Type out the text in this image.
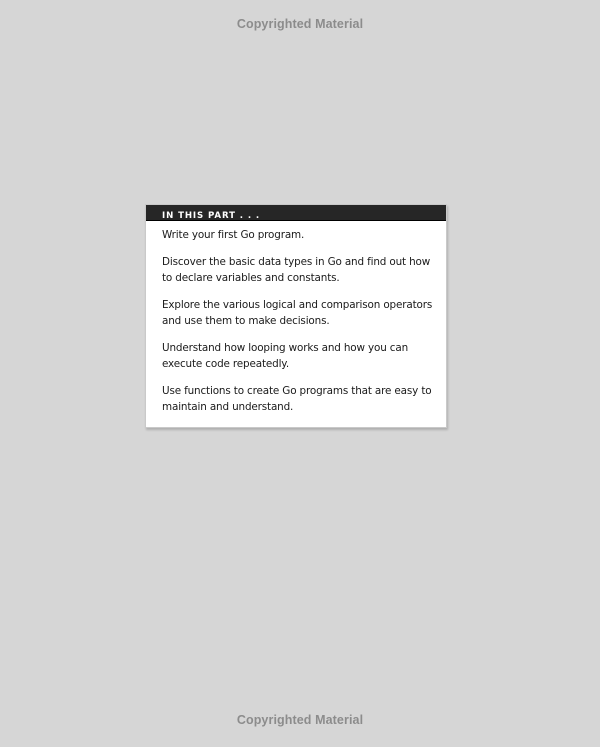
Copyrighted Material
IN THIS PART . . .
Write your first Go program.
Discover the basic data types in Go and find out how to declare variables and constants.
Explore the various logical and comparison operators and use them to make decisions.
Understand how looping works and how you can execute code repeatedly.
Use functions to create Go programs that are easy to maintain and understand.
Copyrighted Material
